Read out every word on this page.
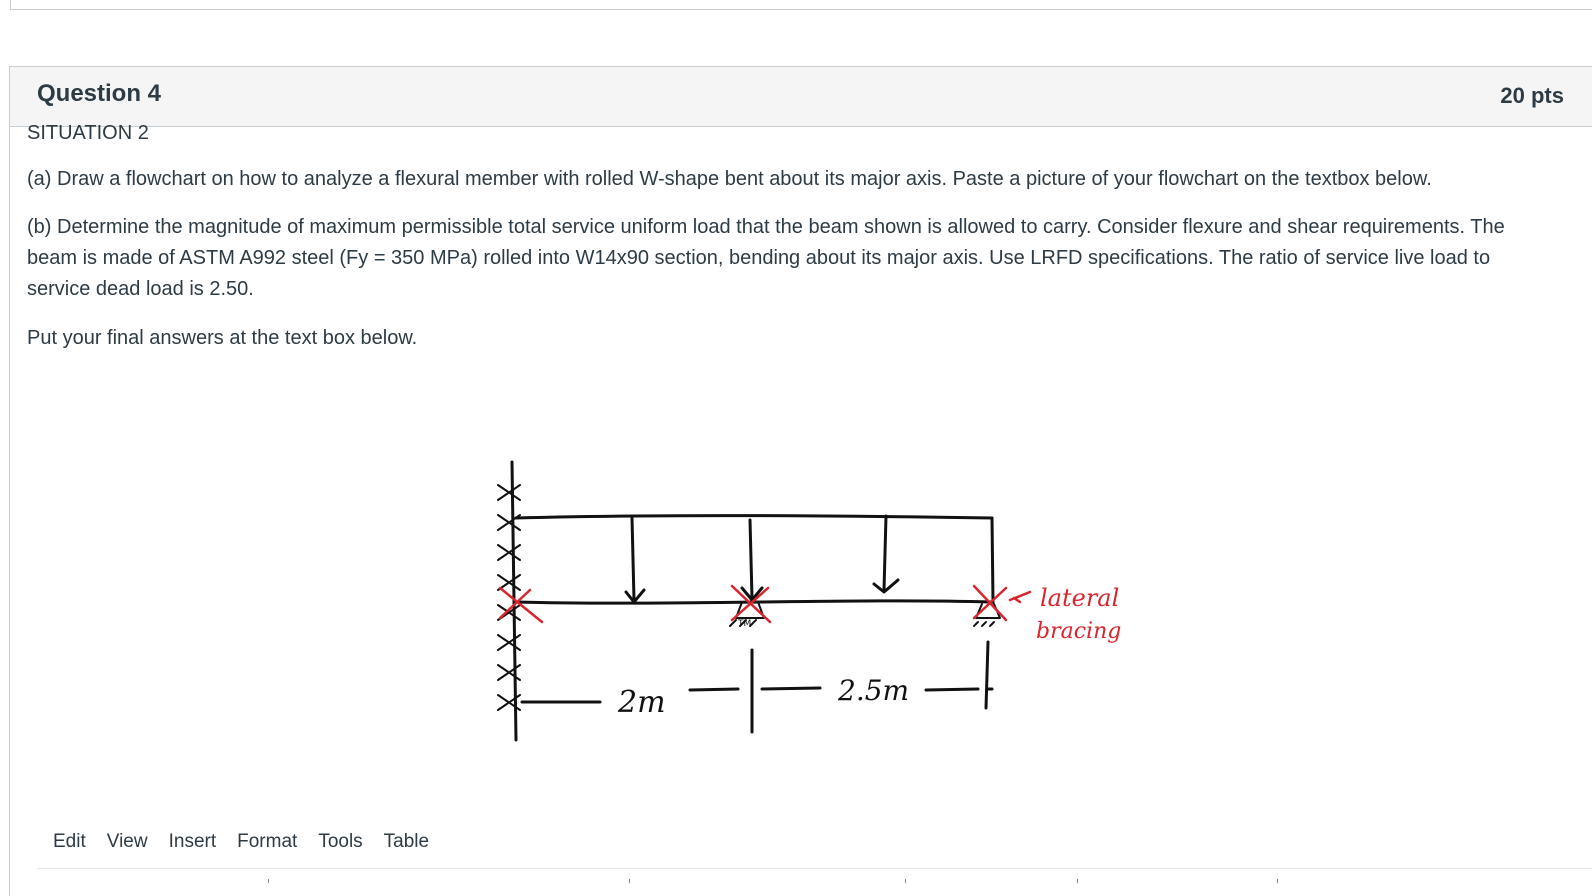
Question 4	20 pts

SITUATION 2

(a) Draw a flowchart on how to analyze a flexural member with rolled W-shape bent about its major axis. Paste a picture of your flowchart on the textbox below.

(b) Determine the magnitude of maximum permissible total service uniform load that the beam shown is allowed to carry. Consider flexure and shear requirements. The beam is made of ASTM A992 steel (Fy = 350 MPa) rolled into W14x90 section, bending about its major axis. Use LRFD specifications. The ratio of service live load to service dead load is 2.50.

Put your final answers at the text box below.

2m	2.5m
lateral
bracing
TM
Edit View Insert Format Tools Table
